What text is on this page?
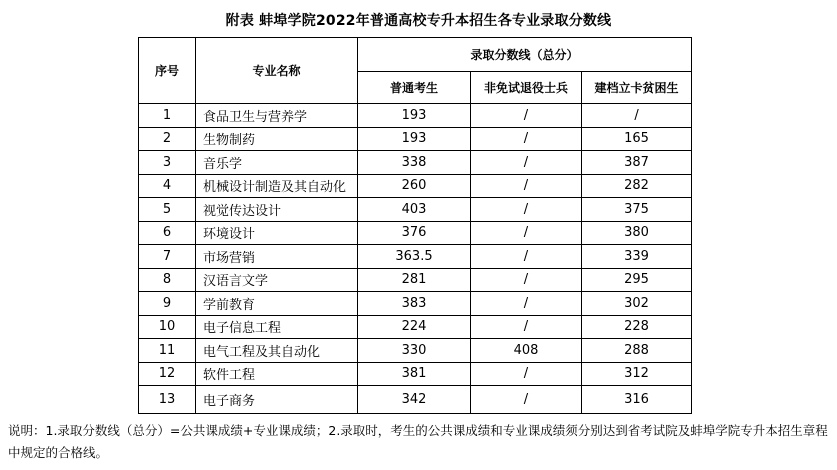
附表 蚌埠学院2022年普通高校专升本招生各专业录取分数线
序号	专业名称	录取分数线（总分）		
		普通考生	非免试退役士兵	建档立卡贫困生
1	食品卫生与营养学	193	/	/
2	生物制药	193	/	165
3	音乐学	338	/	387
4	机械设计制造及其自动化	260	/	282
5	视觉传达设计	403	/	375
6	环境设计	376	/	380
7	市场营销	363.5	/	339
8	汉语言文学	281	/	295
9	学前教育	383	/	302
10	电子信息工程	224	/	228
11	电气工程及其自动化	330	408	288
12	软件工程	381	/	312
13	电子商务	342	/	316
说明：1.录取分数线（总分）=公共课成绩+专业课成绩；2.录取时，考生的公共课成绩和专业课成绩须分别达到省考试院及蚌埠学院专升本招生章程中规定的合格线。
